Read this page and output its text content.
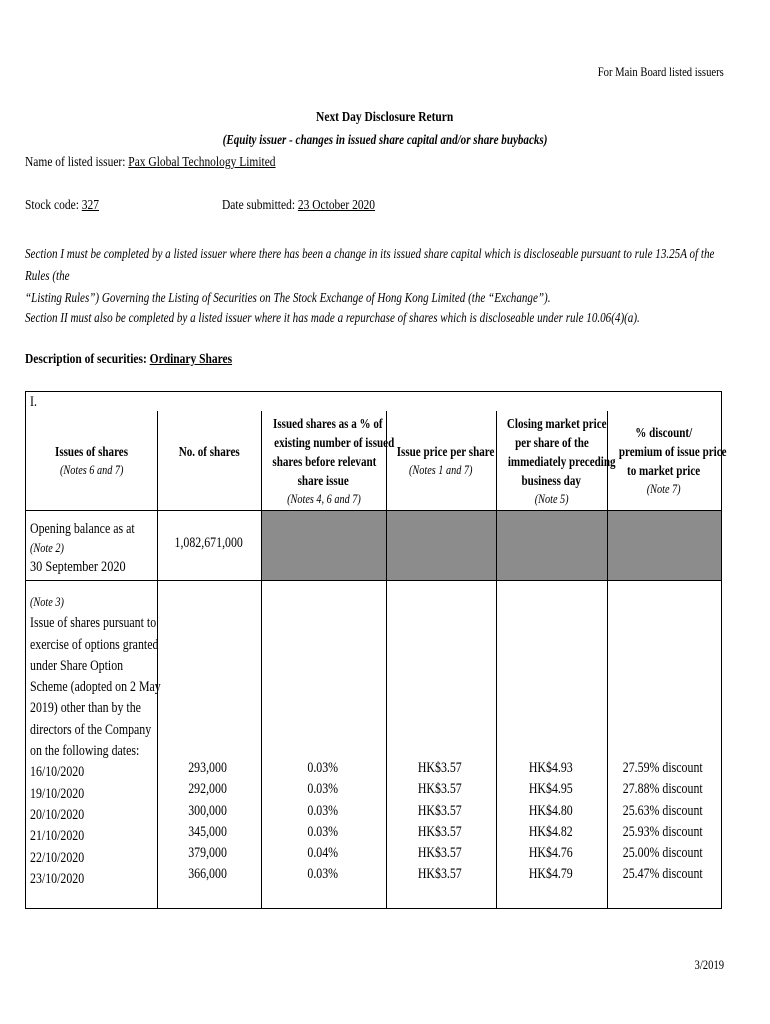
For Main Board listed issuers
Next Day Disclosure Return
(Equity issuer - changes in issued share capital and/or share buybacks)
Name of listed issuer: Pax Global Technology Limited
Stock code: 327	Date submitted: 23 October 2020
Section I must be completed by a listed issuer where there has been a change in its issued share capital which is discloseable pursuant to rule 13.25A of the Rules (the
“Listing Rules”) Governing the Listing of Securities on The Stock Exchange of Hong Kong Limited (the “Exchange”).
Section II must also be completed by a listed issuer where it has made a repurchase of shares which is discloseable under rule 10.06(4)(a).
Description of securities: Ordinary Shares
I.
Issues of shares
(Notes 6 and 7)
No. of shares
Issued shares as a % of
existing number of issued
shares before relevant
share issue
(Notes 4, 6 and 7)
Issue price per share
(Notes 1 and 7)
Closing market price
per share of the
immediately preceding
business day
(Note 5)
% discount/
premium of issue price
to market price
(Note 7)
Opening balance as at
(Note 2)
30 September 2020
1,082,671,000
(Note 3)
Issue of shares pursuant to
exercise of options granted
under Share Option
Scheme (adopted on 2 May
2019) other than by the
directors of the Company
on the following dates:
16/10/2020
19/10/2020
20/10/2020
21/10/2020
22/10/2020
23/10/2020
293,000
292,000
300,000
345,000
379,000
366,000
0.03%
0.03%
0.03%
0.03%
0.04%
0.03%
HK$3.57
HK$3.57
HK$3.57
HK$3.57
HK$3.57
HK$3.57
HK$4.93
HK$4.95
HK$4.80
HK$4.82
HK$4.76
HK$4.79
27.59% discount
27.88% discount
25.63% discount
25.93% discount
25.00% discount
25.47% discount
3/2019
